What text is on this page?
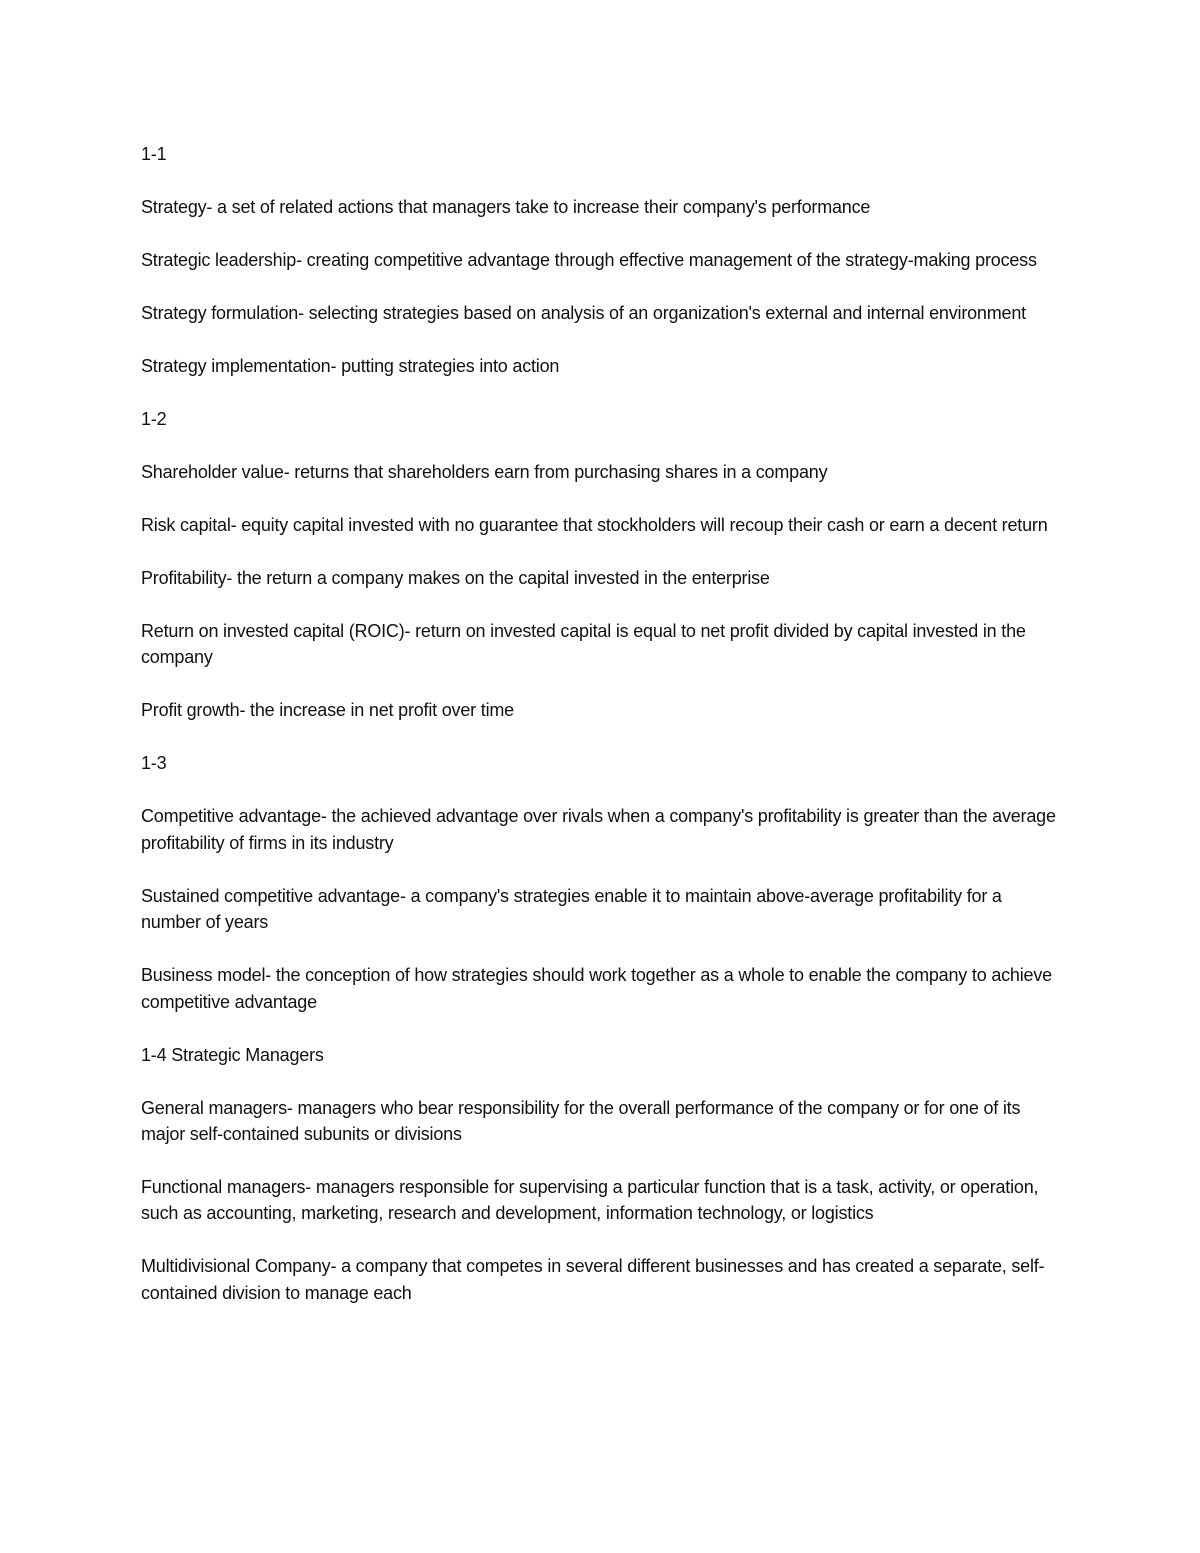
1-1

Strategy- a set of related actions that managers take to increase their company's performance

Strategic leadership- creating competitive advantage through effective management of the strategy-making process

Strategy formulation- selecting strategies based on analysis of an organization's external and internal environment

Strategy implementation- putting strategies into action

1-2

Shareholder value- returns that shareholders earn from purchasing shares in a company

Risk capital- equity capital invested with no guarantee that stockholders will recoup their cash or earn a decent return

Profitability- the return a company makes on the capital invested in the enterprise

Return on invested capital (ROIC)- return on invested capital is equal to net profit divided by capital invested in the company

Profit growth- the increase in net profit over time

1-3

Competitive advantage- the achieved advantage over rivals when a company's profitability is greater than the average profitability of firms in its industry

Sustained competitive advantage- a company's strategies enable it to maintain above-average profitability for a number of years

Business model- the conception of how strategies should work together as a whole to enable the company to achieve competitive advantage

1-4 Strategic Managers

General managers- managers who bear responsibility for the overall performance of the company or for one of its major self-contained subunits or divisions

Functional managers- managers responsible for supervising a particular function that is a task, activity, or operation, such as accounting, marketing, research and development, information technology, or logistics

Multidivisional Company- a company that competes in several different businesses and has created a separate, self-contained division to manage each
